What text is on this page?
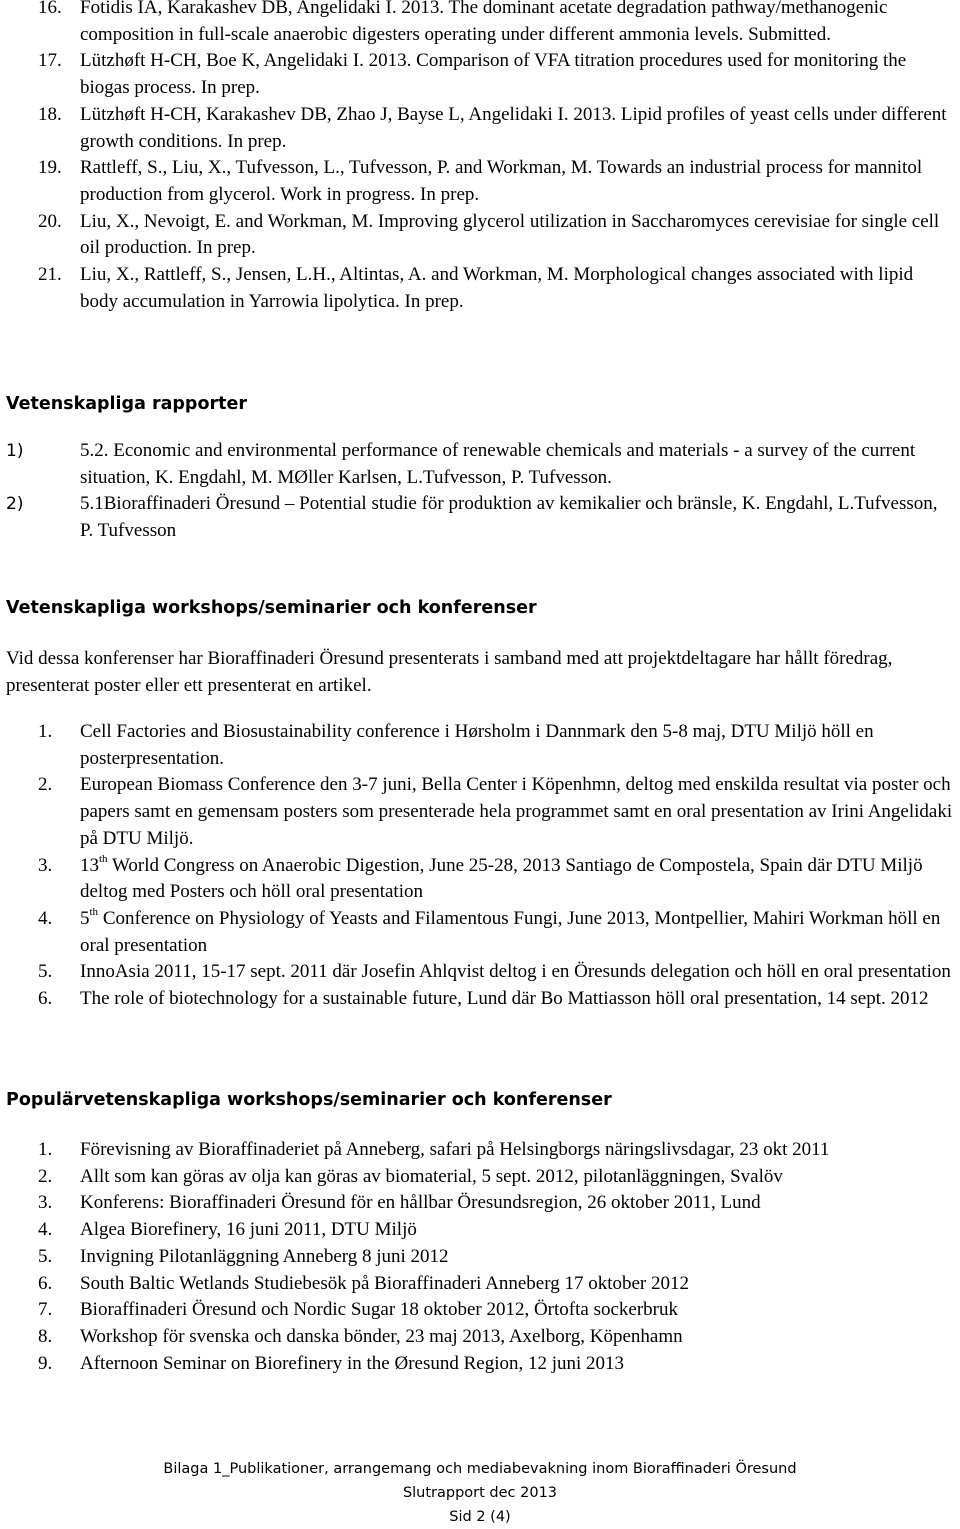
16. Fotidis IA, Karakashev DB, Angelidaki I. 2013. The dominant acetate degradation pathway/methanogenic composition in full-scale anaerobic digesters operating under different ammonia levels. Submitted.
17. Lützhøft H-CH, Boe K, Angelidaki I. 2013. Comparison of VFA titration procedures used for monitoring the biogas process. In prep.
18. Lützhøft H-CH, Karakashev DB, Zhao J, Bayse L, Angelidaki I. 2013. Lipid profiles of yeast cells under different growth conditions. In prep.
19. Rattleff, S., Liu, X., Tufvesson, L., Tufvesson, P. and Workman, M. Towards an industrial process for mannitol production from glycerol. Work in progress. In prep.
20. Liu, X., Nevoigt, E. and Workman, M. Improving glycerol utilization in Saccharomyces cerevisiae for single cell oil production. In prep.
21. Liu, X., Rattleff, S., Jensen, L.H., Altintas, A. and Workman, M. Morphological changes associated with lipid body accumulation in Yarrowia lipolytica. In prep.
Vetenskapliga rapporter
1)	5.2. Economic and environmental performance of renewable chemicals and materials - a survey of the current situation, K. Engdahl, M. MØller Karlsen, L.Tufvesson, P. Tufvesson.
2)	5.1Bioraffinaderi Öresund – Potential studie för produktion av kemikalier och bränsle, K. Engdahl, L.Tufvesson, P. Tufvesson
Vetenskapliga workshops/seminarier och konferenser

Vid dessa konferenser har Bioraffinaderi Öresund presenterats i samband med att projektdeltagare har hållt föredrag, presenterat poster eller ett presenterat en artikel.

1. Cell Factories and Biosustainability conference i Hørsholm i Dannmark den 5-8 maj, DTU Miljö höll en posterpresentation.
2. European Biomass Conference den 3-7 juni, Bella Center i Köpenhmn, deltog med enskilda resultat via poster och papers samt en gemensam posters som presenterade hela programmet samt en oral presentation av Irini Angelidaki på DTU Miljö.
3. 13th World Congress on Anaerobic Digestion, June 25-28, 2013 Santiago de Compostela, Spain där DTU Miljö deltog med Posters och höll oral presentation
4. 5th Conference on Physiology of Yeasts and Filamentous Fungi, June 2013, Montpellier, Mahiri Workman höll en oral presentation
5. InnoAsia 2011, 15-17 sept. 2011 där Josefin Ahlqvist deltog i en Öresunds delegation och höll en oral presentation
6. The role of biotechnology for a sustainable future, Lund där Bo Mattiasson höll oral presentation, 14 sept. 2012
Populärvetenskapliga workshops/seminarier och konferenser
1. Förevisning av Bioraffinaderiet på Anneberg, safari på Helsingborgs näringslivsdagar, 23 okt 2011
2. Allt som kan göras av olja kan göras av biomaterial, 5 sept. 2012, pilotanläggningen, Svalöv
3. Konferens: Bioraffinaderi Öresund för en hållbar Öresundsregion, 26 oktober 2011, Lund
4. Algea Biorefinery, 16 juni 2011, DTU Miljö
5. Invigning Pilotanläggning Anneberg 8 juni 2012
6. South Baltic Wetlands Studiebesök på Bioraffinaderi Anneberg 17 oktober 2012
7. Bioraffinaderi Öresund och Nordic Sugar 18 oktober 2012, Örtofta sockerbruk
8. Workshop för svenska och danska bönder, 23 maj 2013, Axelborg, Köpenhamn
9. Afternoon Seminar on Biorefinery in the Øresund Region, 12 juni 2013
Bilaga 1_Publikationer, arrangemang och mediabevakning inom Bioraffinaderi Öresund
Slutrapport dec 2013
Sid 2 (4)
